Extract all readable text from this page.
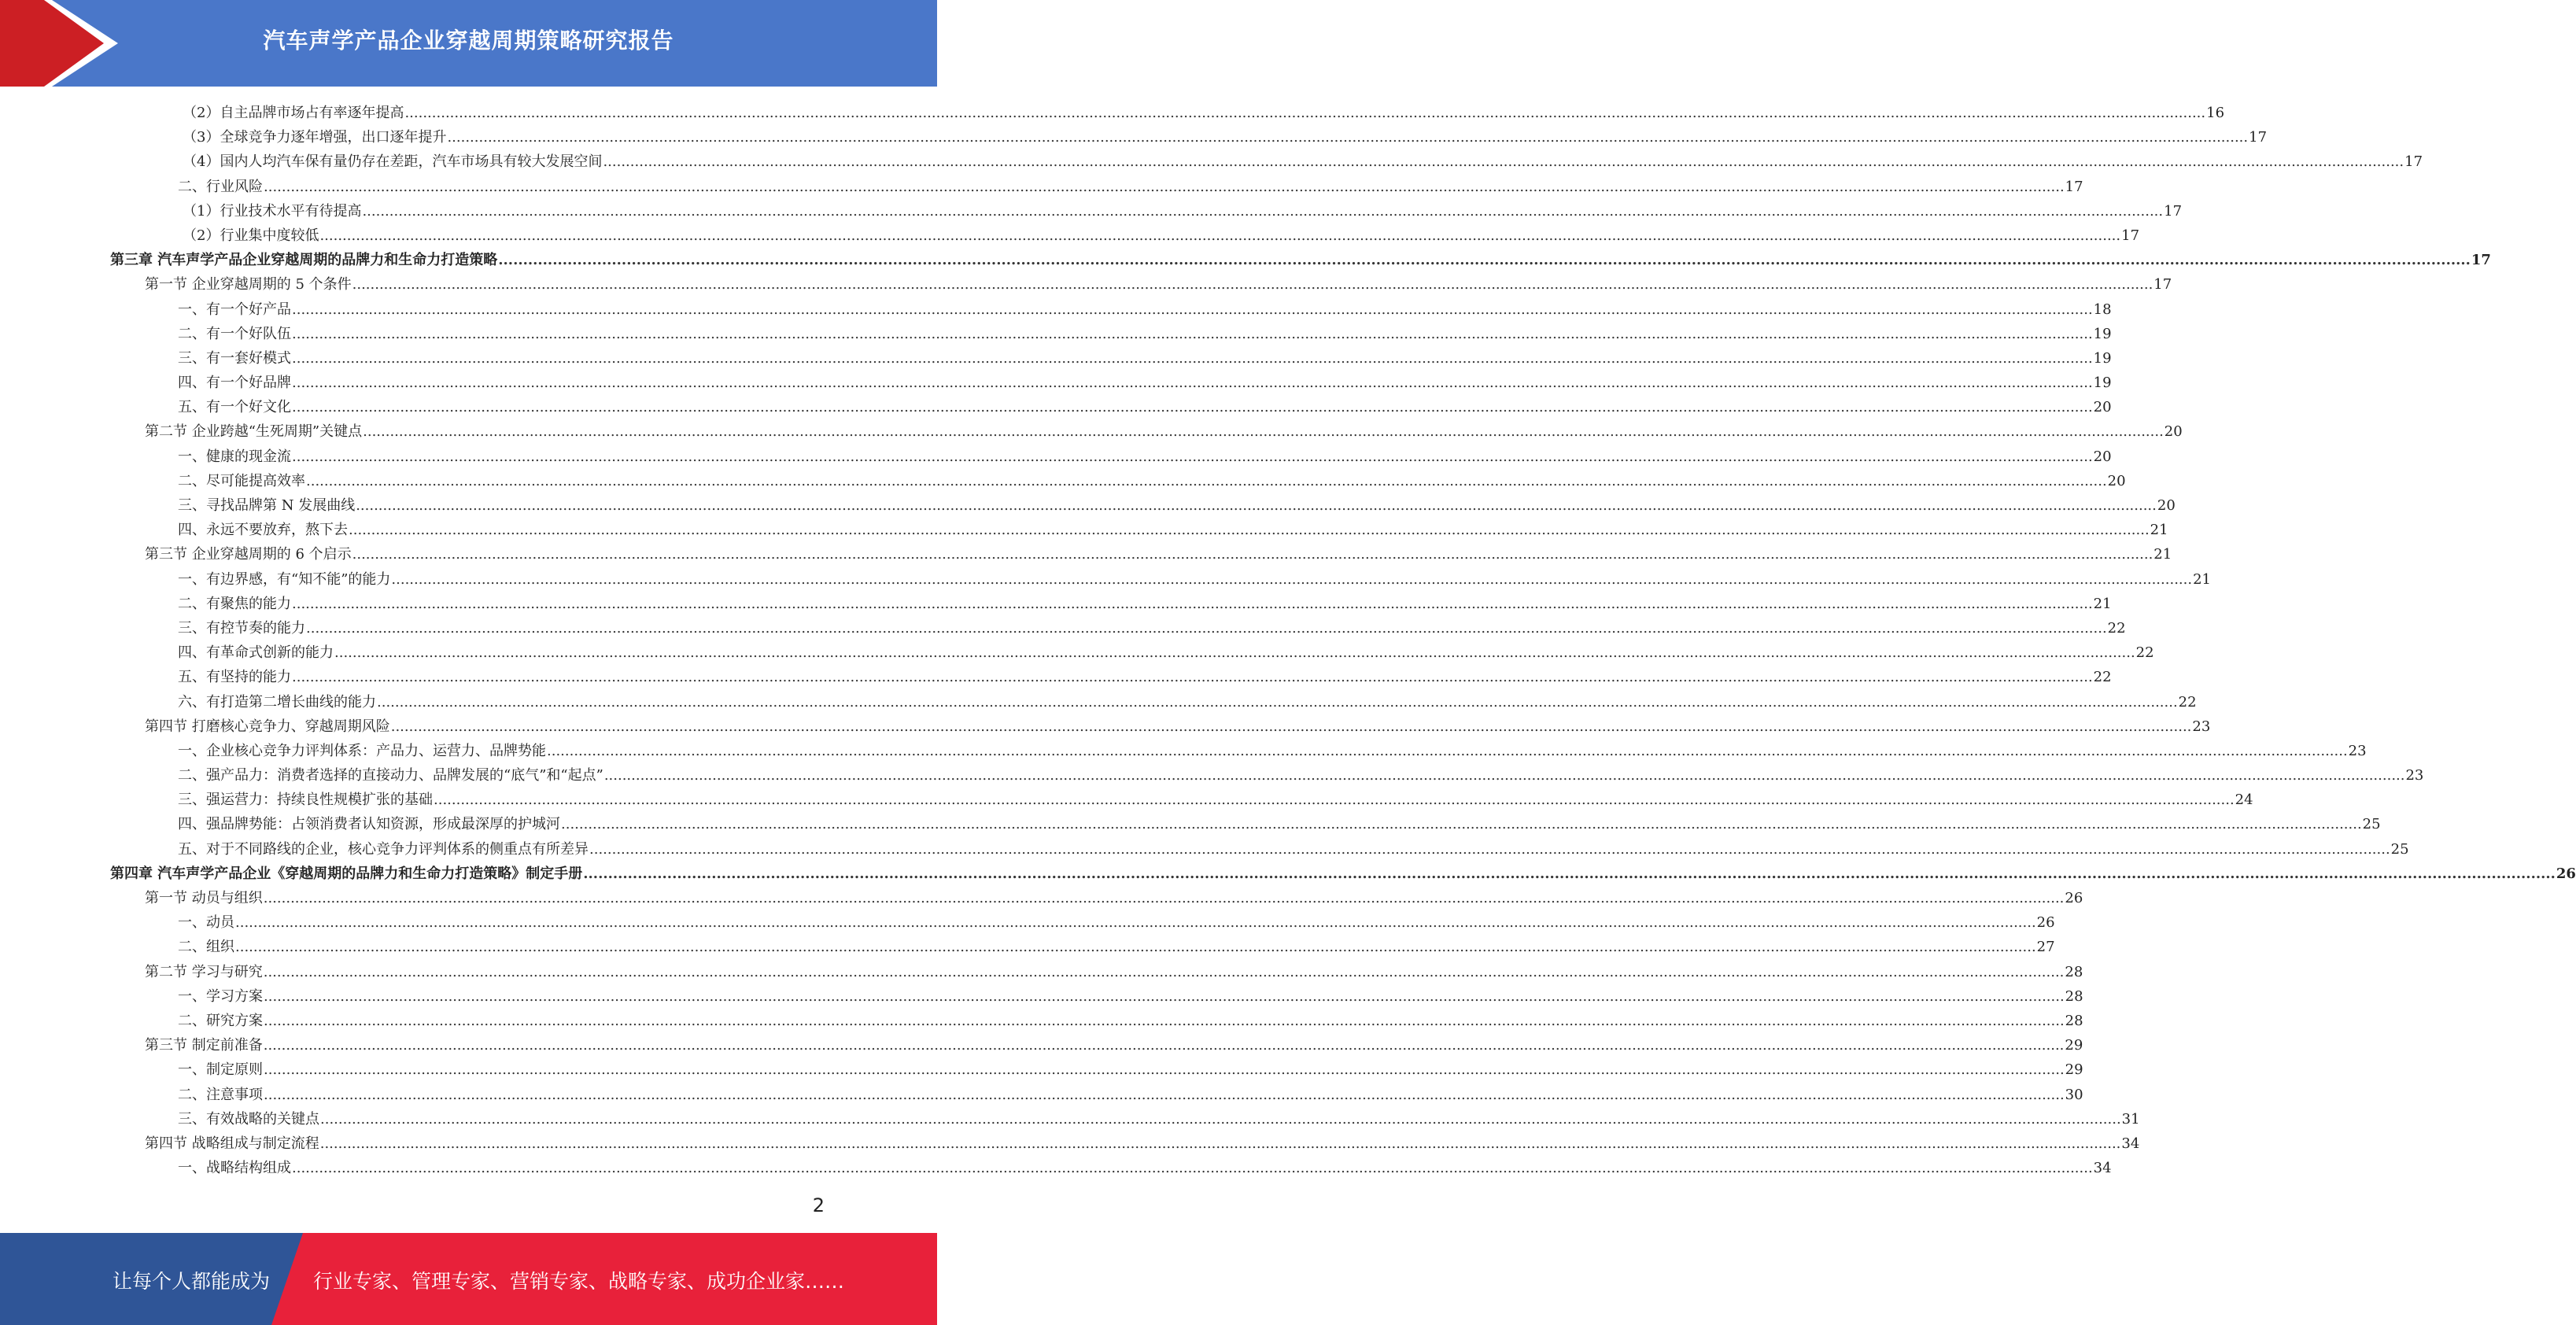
汽车声学产品企业穿越周期策略研究报告
（2）自主品牌市场占有率逐年提高 ................................................................................................................................................................................................................................................................................................................................................................................................................ 16
（3）全球竞争力逐年增强，出口逐年提升 ................................................................................................................................................................................................................................................................................................................................................................................................................ 17
（4）国内人均汽车保有量仍存在差距，汽车市场具有较大发展空间 ................................................................................................................................................................................................................................................................................................................................................................................................................ 17
二、行业风险 ................................................................................................................................................................................................................................................................................................................................................................................................................ 17
（1）行业技术水平有待提高 ................................................................................................................................................................................................................................................................................................................................................................................................................ 17
（2）行业集中度较低 ................................................................................................................................................................................................................................................................................................................................................................................................................ 17
第三章 汽车声学产品企业穿越周期的品牌力和生命力打造策略 ................................................................................................................................................................................................................................................................................................................................................................................................................ 17
第一节 企业穿越周期的 5 个条件 ................................................................................................................................................................................................................................................................................................................................................................................................................ 17
一、有一个好产品 ................................................................................................................................................................................................................................................................................................................................................................................................................ 18
二、有一个好队伍 ................................................................................................................................................................................................................................................................................................................................................................................................................ 19
三、有一套好模式 ................................................................................................................................................................................................................................................................................................................................................................................................................ 19
四、有一个好品牌 ................................................................................................................................................................................................................................................................................................................................................................................................................ 19
五、有一个好文化 ................................................................................................................................................................................................................................................................................................................................................................................................................ 20
第二节 企业跨越“生死周期”关键点 ................................................................................................................................................................................................................................................................................................................................................................................................................ 20
一、健康的现金流 ................................................................................................................................................................................................................................................................................................................................................................................................................ 20
二、尽可能提高效率 ................................................................................................................................................................................................................................................................................................................................................................................................................ 20
三、寻找品牌第 N 发展曲线 ................................................................................................................................................................................................................................................................................................................................................................................................................ 20
四、永远不要放弃，熬下去 ................................................................................................................................................................................................................................................................................................................................................................................................................ 21
第三节 企业穿越周期的 6 个启示 ................................................................................................................................................................................................................................................................................................................................................................................................................ 21
一、有边界感，有“知不能”的能力 ................................................................................................................................................................................................................................................................................................................................................................................................................ 21
二、有聚焦的能力 ................................................................................................................................................................................................................................................................................................................................................................................................................ 21
三、有控节奏的能力 ................................................................................................................................................................................................................................................................................................................................................................................................................ 22
四、有革命式创新的能力 ................................................................................................................................................................................................................................................................................................................................................................................................................ 22
五、有坚持的能力 ................................................................................................................................................................................................................................................................................................................................................................................................................ 22
六、有打造第二增长曲线的能力 ................................................................................................................................................................................................................................................................................................................................................................................................................ 22
第四节 打磨核心竞争力、穿越周期风险 ................................................................................................................................................................................................................................................................................................................................................................................................................ 23
一、企业核心竞争力评判体系：产品力、运营力、品牌势能 ................................................................................................................................................................................................................................................................................................................................................................................................................ 23
二、强产品力：消费者选择的直接动力、品牌发展的“底气”和“起点” ................................................................................................................................................................................................................................................................................................................................................................................................................ 23
三、强运营力：持续良性规模扩张的基础 ................................................................................................................................................................................................................................................................................................................................................................................................................ 24
四、强品牌势能：占领消费者认知资源，形成最深厚的护城河 ................................................................................................................................................................................................................................................................................................................................................................................................................ 25
五、对于不同路线的企业，核心竞争力评判体系的侧重点有所差异 ................................................................................................................................................................................................................................................................................................................................................................................................................ 25
第四章 汽车声学产品企业《穿越周期的品牌力和生命力打造策略》制定手册 ................................................................................................................................................................................................................................................................................................................................................................................................................ 26
第一节 动员与组织 ................................................................................................................................................................................................................................................................................................................................................................................................................ 26
一、动员 ................................................................................................................................................................................................................................................................................................................................................................................................................ 26
二、组织 ................................................................................................................................................................................................................................................................................................................................................................................................................ 27
第二节 学习与研究 ................................................................................................................................................................................................................................................................................................................................................................................................................ 28
一、学习方案 ................................................................................................................................................................................................................................................................................................................................................................................................................ 28
二、研究方案 ................................................................................................................................................................................................................................................................................................................................................................................................................ 28
第三节 制定前准备 ................................................................................................................................................................................................................................................................................................................................................................................................................ 29
一、制定原则 ................................................................................................................................................................................................................................................................................................................................................................................................................ 29
二、注意事项 ................................................................................................................................................................................................................................................................................................................................................................................................................ 30
三、有效战略的关键点 ................................................................................................................................................................................................................................................................................................................................................................................................................ 31
第四节 战略组成与制定流程 ................................................................................................................................................................................................................................................................................................................................................................................................................ 34
一、战略结构组成 ................................................................................................................................................................................................................................................................................................................................................................................................................ 34
2
让每个人都能成为 行业专家、管理专家、营销专家、战略专家、成功企业家……
